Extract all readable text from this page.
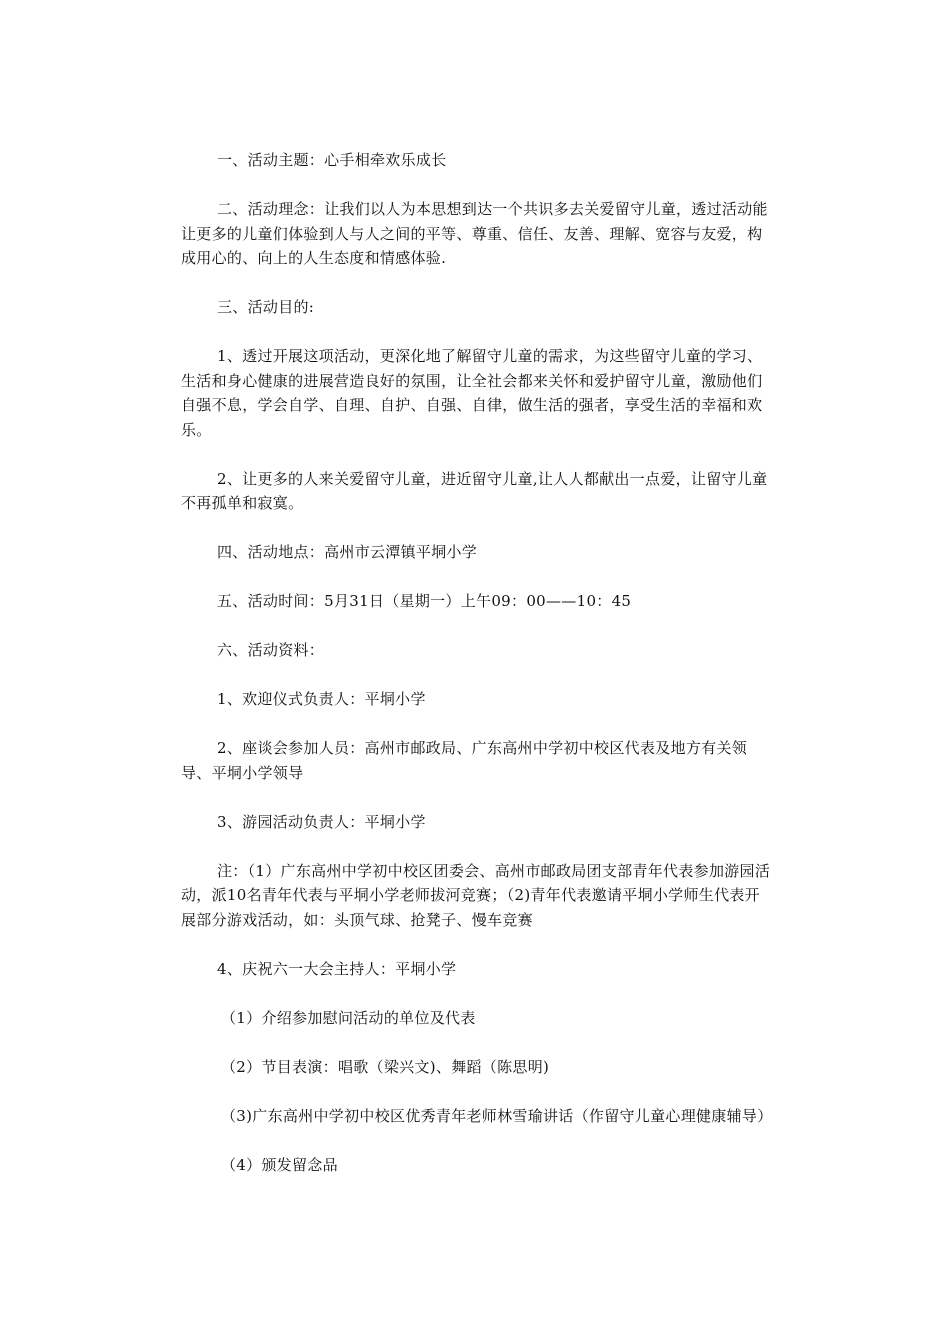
一、活动主题：心手相牵欢乐成长

二、活动理念：让我们以人为本思想到达一个共识多去关爱留守儿童，透过活动能让更多的儿童们体验到人与人之间的平等、尊重、信任、友善、理解、宽容与友爱，构成用心的、向上的人生态度和情感体验.

三、活动目的:

1、透过开展这项活动，更深化地了解留守儿童的需求，为这些留守儿童的学习、生活和身心健康的进展营造良好的氛围，让全社会都来关怀和爱护留守儿童，激励他们自强不息，学会自学、自理、自护、自强、自律，做生活的强者，享受生活的幸福和欢乐。

2、让更多的人来关爱留守儿童，进近留守儿童,让人人都献出一点爱，让留守儿童不再孤单和寂寞。

四、活动地点：高州市云潭镇平垌小学

五、活动时间：5月31日（星期一）上午09：00——10：45

六、活动资料：

1、欢迎仪式负责人：平垌小学

2、座谈会参加人员：高州市邮政局、广东高州中学初中校区代表及地方有关领导、平垌小学领导

3、游园活动负责人：平垌小学

注：（1）广东高州中学初中校区团委会、高州市邮政局团支部青年代表参加游园活动，派10名青年代表与平垌小学老师拔河竞赛；（2)青年代表邀请平垌小学师生代表开展部分游戏活动，如：头顶气球、抢凳子、慢车竞赛

4、庆祝六一大会主持人：平垌小学

（1）介绍参加慰问活动的单位及代表

（2）节目表演：唱歌（梁兴文)、舞蹈（陈思明)

（3)广东高州中学初中校区优秀青年老师林雪瑜讲话（作留守儿童心理健康辅导）

（4）颁发留念品
